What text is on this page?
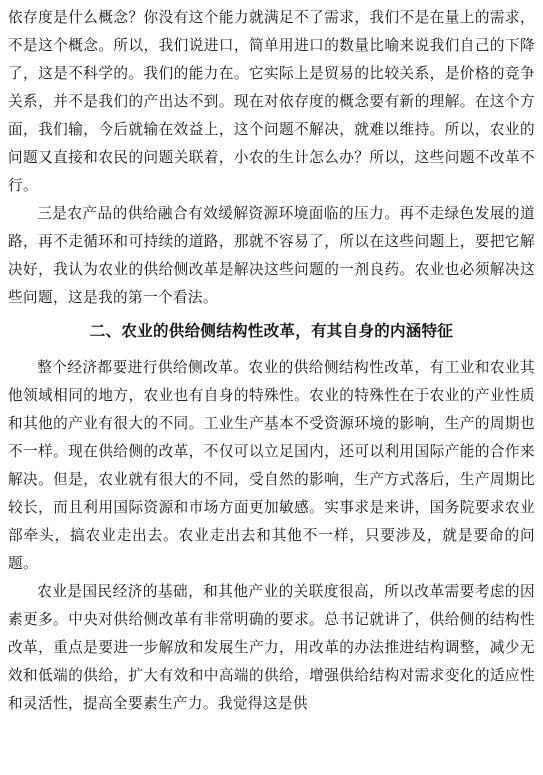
依存度是什么概念？你没有这个能力就满足不了需求，我们不是在量上的需求，不是这个概念。所以，我们说进口，简单用进口的数量比喻来说我们自己的下降了，这是不科学的。我们的能力在。它实际上是贸易的比较关系，是价格的竞争关系，并不是我们的产出达不到。现在对依存度的概念要有新的理解。在这个方面，我们输，今后就输在效益上，这个问题不解决，就难以维持。所以，农业的问题又直接和农民的问题关联着，小农的生计怎么办？所以，这些问题不改革不行。

三是农产品的供给融合有效缓解资源环境面临的压力。再不走绿色发展的道路，再不走循环和可持续的道路，那就不容易了，所以在这些问题上，要把它解决好，我认为农业的供给侧改革是解决这些问题的一剂良药。农业也必须解决这些问题，这是我的第一个看法。

二、农业的供给侧结构性改革，有其自身的内涵特征

整个经济都要进行供给侧改革。农业的供给侧结构性改革，有工业和农业其他领域相同的地方，农业也有自身的特殊性。农业的特殊性在于农业的产业性质和其他的产业有很大的不同。工业生产基本不受资源环境的影响，生产的周期也不一样。现在供给侧的改革，不仅可以立足国内，还可以利用国际产能的合作来解决。但是，农业就有很大的不同，受自然的影响，生产方式落后，生产周期比较长，而且利用国际资源和市场方面更加敏感。实事求是来讲，国务院要求农业部牵头，搞农业走出去。农业走出去和其他不一样，只要涉及，就是要命的问题。

农业是国民经济的基础，和其他产业的关联度很高，所以改革需要考虑的因素更多。中央对供给侧改革有非常明确的要求。总书记就讲了，供给侧的结构性改革，重点是要进一步解放和发展生产力，用改革的办法推进结构调整，减少无效和低端的供给，扩大有效和中高端的供给，增强供给结构对需求变化的适应性和灵活性，提高全要素生产力。我觉得这是供
